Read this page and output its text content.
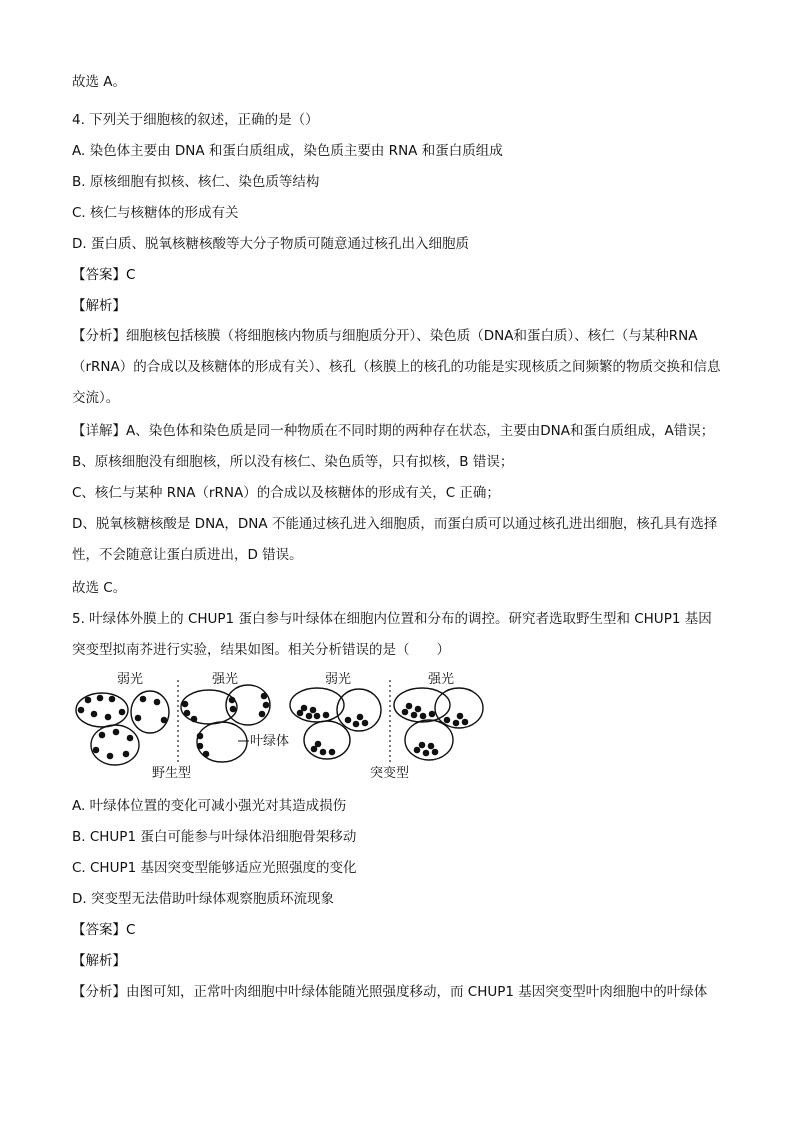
故选 A。
4. 下列关于细胞核的叙述，正确的是（）
A. 染色体主要由 DNA 和蛋白质组成，染色质主要由 RNA 和蛋白质组成
B. 原核细胞有拟核、核仁、染色质等结构
C. 核仁与核糖体的形成有关
D. 蛋白质、脱氧核糖核酸等大分子物质可随意通过核孔出入细胞质
【答案】C
【解析】
【分析】细胞核包括核膜（将细胞核内物质与细胞质分开）、染色质（DNA和蛋白质）、核仁（与某种RNA（rRNA）的合成以及核糖体的形成有关）、核孔（核膜上的核孔的功能是实现核质之间频繁的物质交换和信息交流）。
【详解】A、染色体和染色质是同一种物质在不同时期的两种存在状态，主要由DNA和蛋白质组成，A错误；
B、原核细胞没有细胞核，所以没有核仁、染色质等，只有拟核，B 错误；
C、核仁与某种 RNA（rRNA）的合成以及核糖体的形成有关，C 正确；
D、脱氧核糖核酸是 DNA，DNA 不能通过核孔进入细胞质，而蛋白质可以通过核孔进出细胞，核孔具有选择性，不会随意让蛋白质进出，D 错误。
故选 C。
5. 叶绿体外膜上的 CHUP1 蛋白参与叶绿体在细胞内位置和分布的调控。研究者选取野生型和 CHUP1 基因突变型拟南芥进行实验，结果如图。相关分析错误的是（　　）
弱光	强光	弱光	强光
叶绿体
野生型	突变型
A. 叶绿体位置的变化可减小强光对其造成损伤
B. CHUP1 蛋白可能参与叶绿体沿细胞骨架移动
C. CHUP1 基因突变型能够适应光照强度的变化
D. 突变型无法借助叶绿体观察胞质环流现象
【答案】C
【解析】
【分析】由图可知，正常叶肉细胞中叶绿体能随光照强度移动，而 CHUP1 基因突变型叶肉细胞中的叶绿体
